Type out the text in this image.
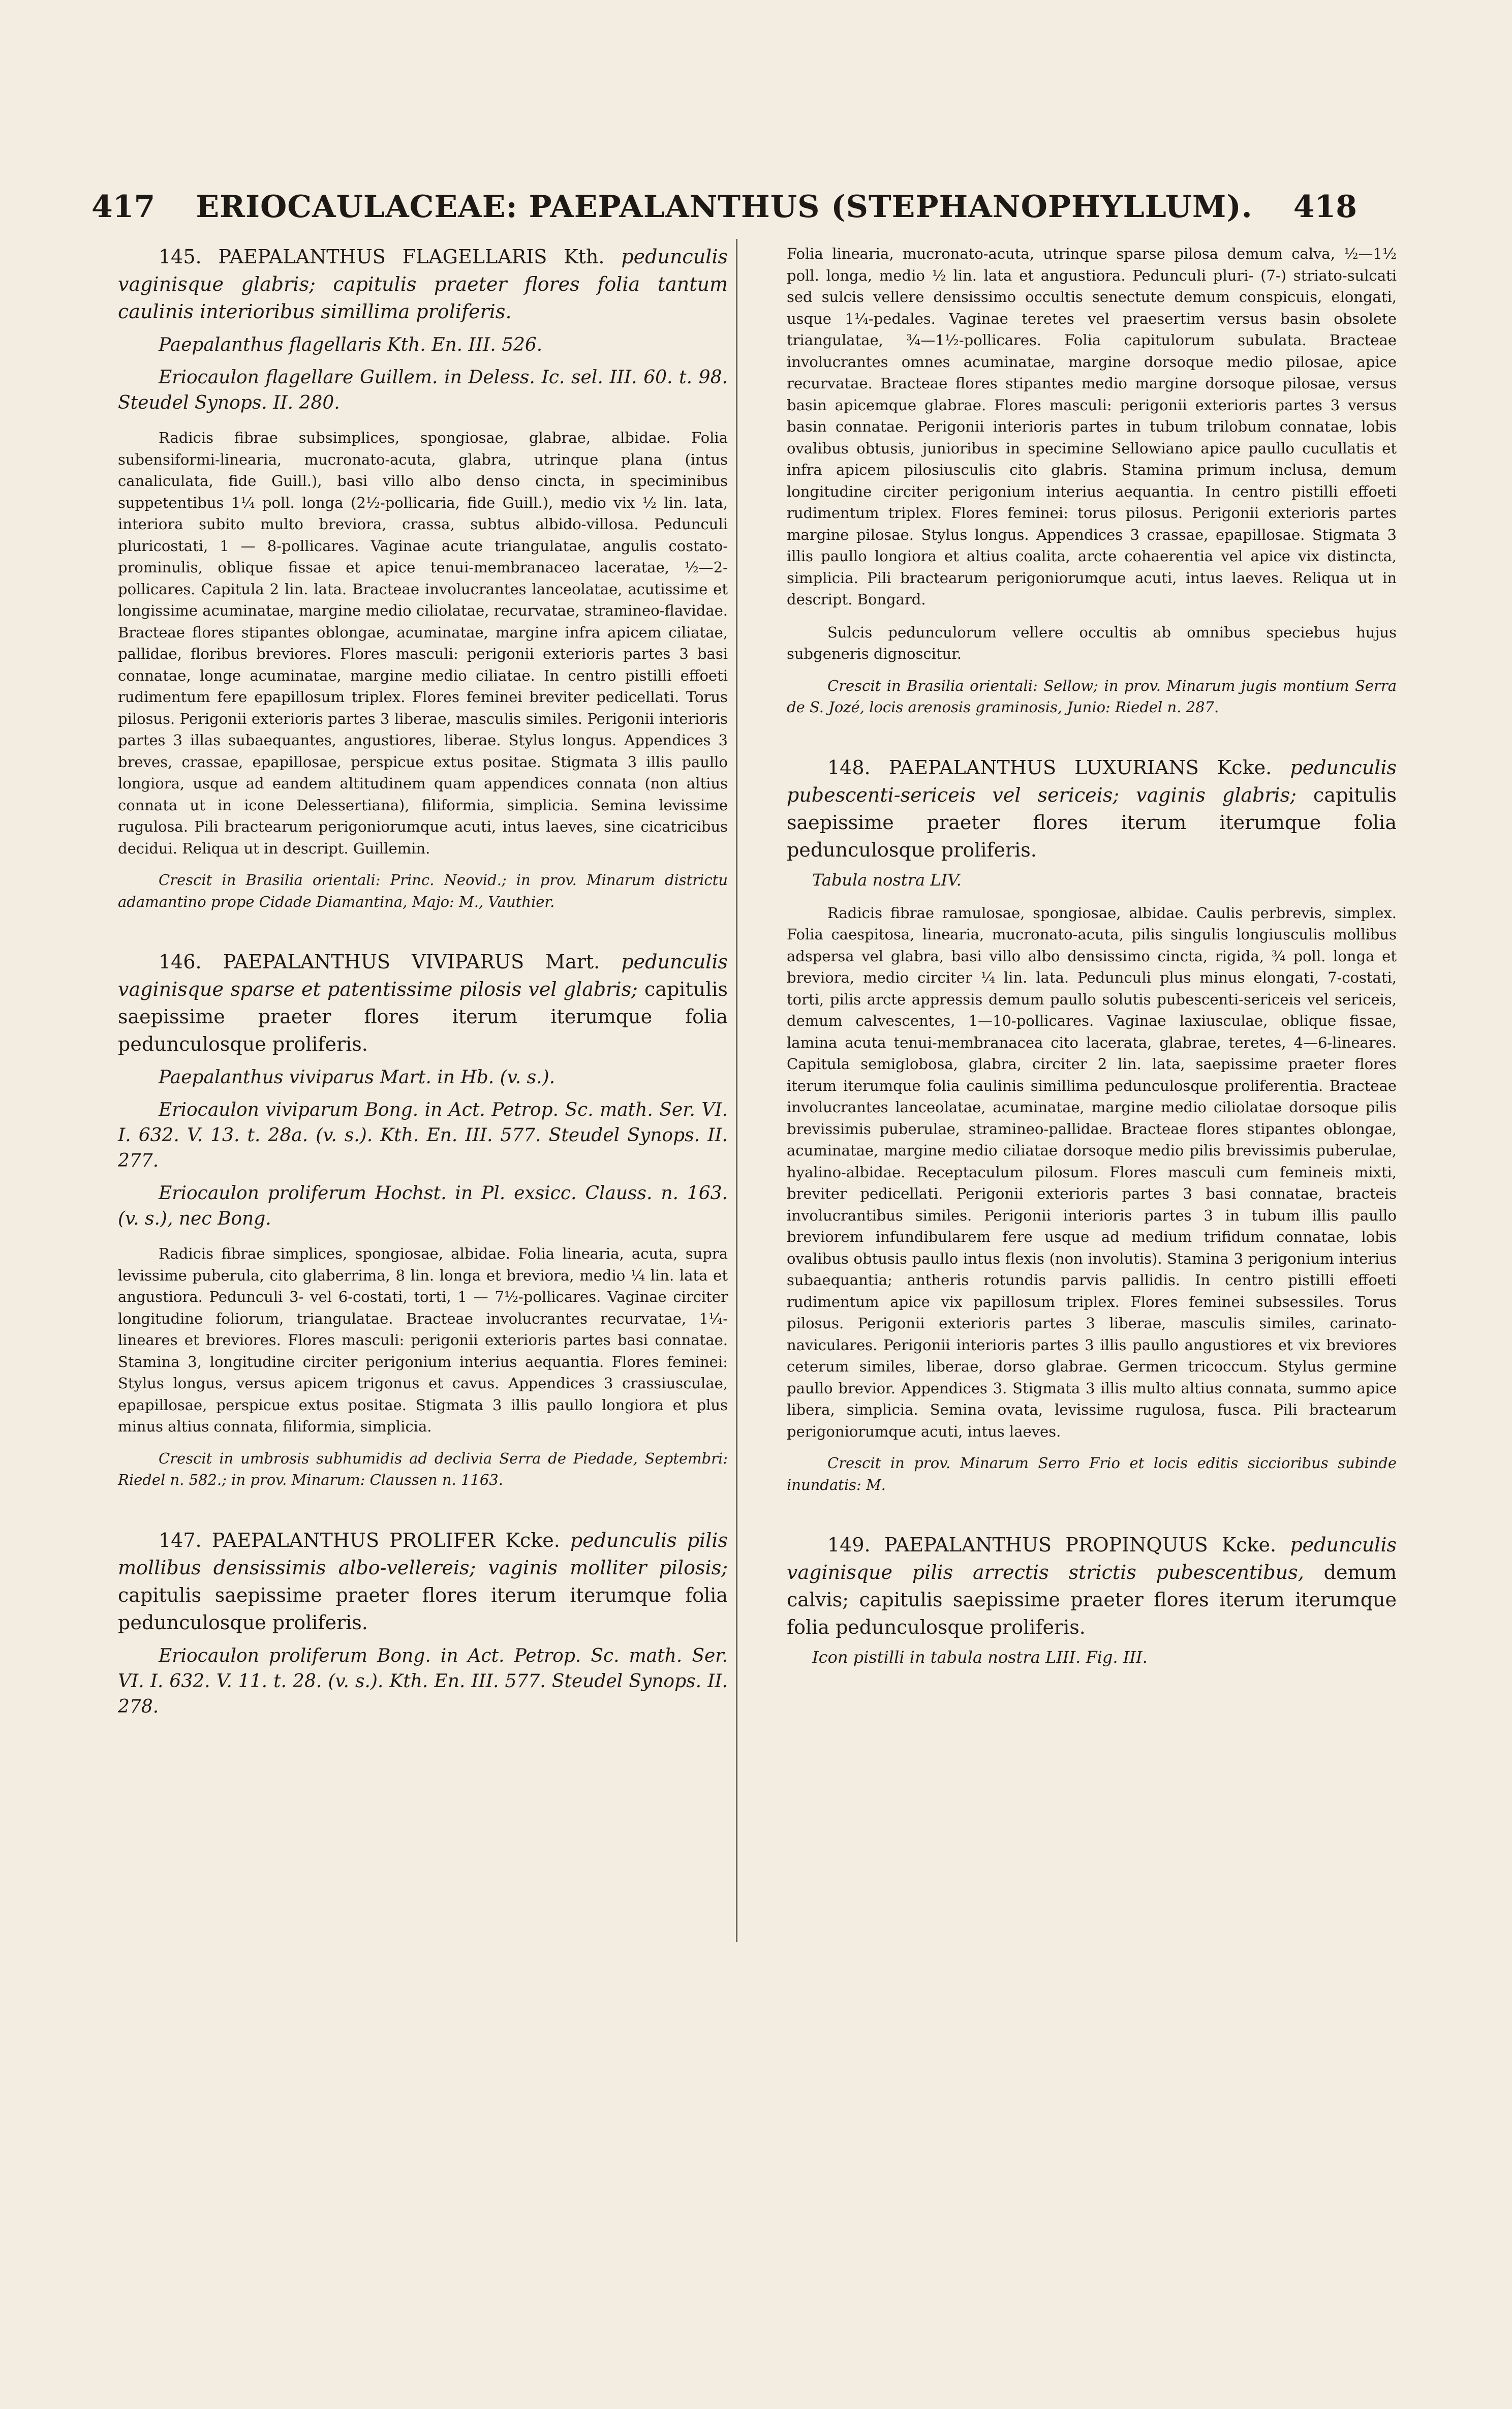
417	ERIOCAULACEAE: PAEPALANTHUS (STEPHANOPHYLLUM).	418

145. PAEPALANTHUS FLAGELLARIS Kth. pedunculis vaginisque glabris; capitulis praeter flores folia tantum caulinis interioribus simillima proliferis.

Paepalanthus flagellaris Kth. En. III. 526.

Eriocaulon flagellare Guillem. in Deless. Ic. sel. III. 60. t. 98. Steudel Synops. II. 280.

Radicis fibrae subsimplices, spongiosae, glabrae, albidae. Folia subensiformi-linearia, mucronato-acuta, glabra, utrinque plana (intus canaliculata, fide Guill.), basi villo albo denso cincta, in speciminibus suppetentibus 1¼ poll. longa (2½-pollicaria, fide Guill.), medio vix ½ lin. lata, interiora subito multo breviora, crassa, subtus albido-villosa. Pedunculi pluricostati, 1 — 8-pollicares. Vaginae acute triangulatae, angulis costato-prominulis, oblique fissae et apice tenui-membranaceo laceratae, ½—2-pollicares. Capitula 2 lin. lata. Bracteae involucrantes lanceolatae, acutissime et longissime acuminatae, margine medio ciliolatae, recurvatae, stramineo-flavidae. Bracteae flores stipantes oblongae, acuminatae, margine infra apicem ciliatae, pallidae, floribus breviores. Flores masculi: perigonii exterioris partes 3 basi connatae, longe acuminatae, margine medio ciliatae. In centro pistilli effoeti rudimentum fere epapillosum triplex. Flores feminei breviter pedicellati. Torus pilosus. Perigonii exterioris partes 3 liberae, masculis similes. Perigonii interioris partes 3 illas subaequantes, angustiores, liberae. Stylus longus. Appendices 3 breves, crassae, epapillosae, perspicue extus positae. Stigmata 3 illis paullo longiora, usque ad eandem altitudinem quam appendices connata (non altius connata ut in icone Delessertiana), filiformia, simplicia. Semina levissime rugulosa. Pili bractearum perigoniorumque acuti, intus laeves, sine cicatricibus decidui. Reliqua ut in descript. Guillemin.

Crescit in Brasilia orientali: Princ. Neovid.; in prov. Minarum districtu adamantino prope Cidade Diamantina, Majo: M., Vauthier.

146. PAEPALANTHUS VIVIPARUS Mart. pedunculis vaginisque sparse et patentissime pilosis vel glabris; capitulis saepissime praeter flores iterum iterumque folia pedunculosque proliferis.

Paepalanthus viviparus Mart. in Hb. (v. s.).

Eriocaulon viviparum Bong. in Act. Petrop. Sc. math. Ser. VI. I. 632. V. 13. t. 28a. (v. s.). Kth. En. III. 577. Steudel Synops. II. 277.

Eriocaulon proliferum Hochst. in Pl. exsicc. Clauss. n. 163. (v. s.), nec Bong.

Radicis fibrae simplices, spongiosae, albidae. Folia linearia, acuta, supra levissime puberula, cito glaberrima, 8 lin. longa et breviora, medio ¼ lin. lata et angustiora. Pedunculi 3- vel 6-costati, torti, 1 — 7½-pollicares. Vaginae circiter longitudine foliorum, triangulatae. Bracteae involucrantes recurvatae, 1¼-lineares et breviores. Flores masculi: perigonii exterioris partes basi connatae. Stamina 3, longitudine circiter perigonium interius aequantia. Flores feminei: Stylus longus, versus apicem trigonus et cavus. Appendices 3 crassiusculae, epapillosae, perspicue extus positae. Stigmata 3 illis paullo longiora et plus minus altius connata, filiformia, simplicia.

Crescit in umbrosis subhumidis ad declivia Serra de Piedade, Septembri: Riedel n. 582.; in prov. Minarum: Claussen n. 1163.

147. PAEPALANTHUS PROLIFER Kcke. pedunculis pilis mollibus densissimis albo-vellereis; vaginis molliter pilosis; capitulis saepissime praeter flores iterum iterumque folia pedunculosque proliferis.

Eriocaulon proliferum Bong. in Act. Petrop. Sc. math. Ser. VI. I. 632. V. 11. t. 28. (v. s.). Kth. En. III. 577. Steudel Synops. II. 278.

Folia linearia, mucronato-acuta, utrinque sparse pilosa demum calva, ½—1½ poll. longa, medio ½ lin. lata et angustiora. Pedunculi pluri- (7-) striato-sulcati sed sulcis vellere densissimo occultis senectute demum conspicuis, elongati, usque 1¼-pedales. Vaginae teretes vel praesertim versus basin obsolete triangulatae, ¾—1½-pollicares. Folia capitulorum subulata. Bracteae involucrantes omnes acuminatae, margine dorsoque medio pilosae, apice recurvatae. Bracteae flores stipantes medio margine dorsoque pilosae, versus basin apicemque glabrae. Flores masculi: perigonii exterioris partes 3 versus basin connatae. Perigonii interioris partes in tubum trilobum connatae, lobis ovalibus obtusis, junioribus in specimine Sellowiano apice paullo cucullatis et infra apicem pilosiusculis cito glabris. Stamina primum inclusa, demum longitudine circiter perigonium interius aequantia. In centro pistilli effoeti rudimentum triplex. Flores feminei: torus pilosus. Perigonii exterioris partes margine pilosae. Stylus longus. Appendices 3 crassae, epapillosae. Stigmata 3 illis paullo longiora et altius coalita, arcte cohaerentia vel apice vix distincta, simplicia. Pili bractearum perigoniorumque acuti, intus laeves. Reliqua ut in descript. Bongard.

Sulcis pedunculorum vellere occultis ab omnibus speciebus hujus subgeneris dignoscitur.

Crescit in Brasilia orientali: Sellow; in prov. Minarum jugis montium Serra de S. Jozé, locis arenosis graminosis, Junio: Riedel n. 287.

148. PAEPALANTHUS LUXURIANS Kcke. pedunculis pubescenti-sericeis vel sericeis; vaginis glabris; capitulis saepissime praeter flores iterum iterumque folia pedunculosque proliferis.

Tabula nostra LIV.

Radicis fibrae ramulosae, spongiosae, albidae. Caulis perbrevis, simplex. Folia caespitosa, linearia, mucronato-acuta, pilis singulis longiusculis mollibus adspersa vel glabra, basi villo albo densissimo cincta, rigida, ¾ poll. longa et breviora, medio circiter ¼ lin. lata. Pedunculi plus minus elongati, 7-costati, torti, pilis arcte appressis demum paullo solutis pubescenti-sericeis vel sericeis, demum calvescentes, 1—10-pollicares. Vaginae laxiusculae, oblique fissae, lamina acuta tenui-membranacea cito lacerata, glabrae, teretes, 4—6-lineares. Capitula semiglobosa, glabra, circiter 2 lin. lata, saepissime praeter flores iterum iterumque folia caulinis simillima pedunculosque proliferentia. Bracteae involucrantes lanceolatae, acuminatae, margine medio ciliolatae dorsoque pilis brevissimis puberulae, stramineo-pallidae. Bracteae flores stipantes oblongae, acuminatae, margine medio ciliatae dorsoque medio pilis brevissimis puberulae, hyalino-albidae. Receptaculum pilosum. Flores masculi cum femineis mixti, breviter pedicellati. Perigonii exterioris partes 3 basi connatae, bracteis involucrantibus similes. Perigonii interioris partes 3 in tubum illis paullo breviorem infundibularem fere usque ad medium trifidum connatae, lobis ovalibus obtusis paullo intus flexis (non involutis). Stamina 3 perigonium interius subaequantia; antheris rotundis parvis pallidis. In centro pistilli effoeti rudimentum apice vix papillosum triplex. Flores feminei subsessiles. Torus pilosus. Perigonii exterioris partes 3 liberae, masculis similes, carinato-naviculares. Perigonii interioris partes 3 illis paullo angustiores et vix breviores ceterum similes, liberae, dorso glabrae. Germen tricoccum. Stylus germine paullo brevior. Appendices 3. Stigmata 3 illis multo altius connata, summo apice libera, simplicia. Semina ovata, levissime rugulosa, fusca. Pili bractearum perigoniorumque acuti, intus laeves.

Crescit in prov. Minarum Serro Frio et locis editis siccioribus subinde inundatis: M.

149. PAEPALANTHUS PROPINQUUS Kcke. pedunculis vaginisque pilis arrectis strictis pubescentibus, demum calvis; capitulis saepissime praeter flores iterum iterumque folia pedunculosque proliferis.

Icon pistilli in tabula nostra LIII. Fig. III.
